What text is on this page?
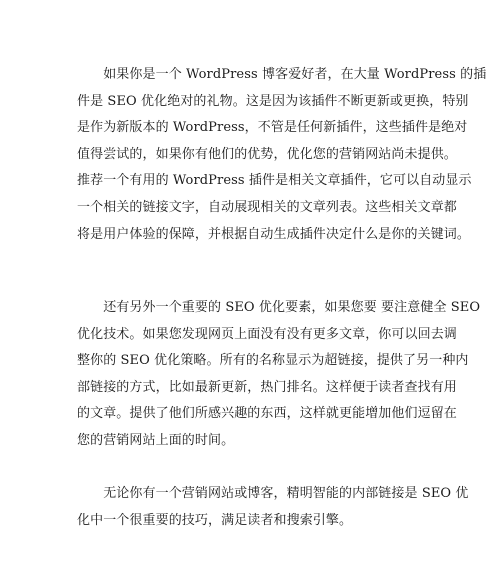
　　如果你是一个 WordPress 博客爱好者，在大量 WordPress 的插
件是 SEO 优化绝对的礼物。这是因为该插件不断更新或更换，特别
是作为新版本的 WordPress，不管是任何新插件，这些插件是绝对
值得尝试的，如果你有他们的优势，优化您的营销网站尚未提供。
推荐一个有用的 WordPress 插件是相关文章插件，它可以自动显示
一个相关的链接文字，自动展现相关的文章列表。这些相关文章都
将是用户体验的保障，并根据自动生成插件决定什么是你的关键词。
　　还有另外一个重要的 SEO 优化要素，如果您要 要注意健全 SEO
优化技术。如果您发现网页上面没有没有更多文章，你可以回去调
整你的 SEO 优化策略。所有的名称显示为超链接，提供了另一种内
部链接的方式，比如最新更新，热门排名。这样便于读者查找有用
的文章。提供了他们所感兴趣的东西，这样就更能增加他们逗留在
您的营销网站上面的时间。
　　无论你有一个营销网站或博客，精明智能的内部链接是 SEO 优
化中一个很重要的技巧，满足读者和搜索引擎。
